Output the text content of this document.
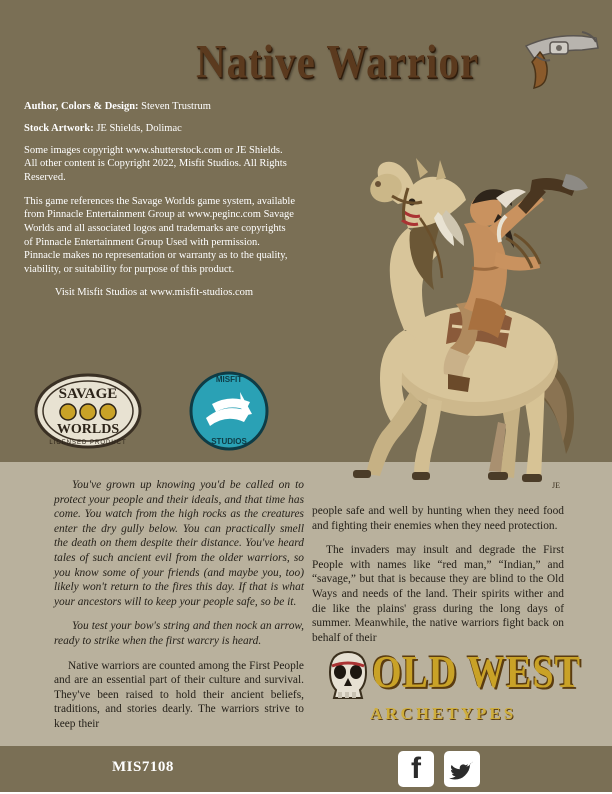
JE
Native Warrior
Author, Colors & Design: Steven Trustrum
Stock Artwork: JE Shields, Dolimac
Some images copyright www.shutterstock.com or JE Shields. All other content is Copyright 2022, Misfit Studios. All Rights Reserved.
This game references the Savage Worlds game system, available from Pinnacle Entertainment Group at www.peginc.com Savage Worlds and all associated logos and trademarks are copyrights of Pinnacle Entertainment Group Used with permission. Pinnacle makes no representation or warranty as to the quality, viability, or suitability for purpose of this product.
Visit Misfit Studios at www.misfit-studios.com
SAVAGE
WORLDS
LICENSED PRODUCT
MISFIT
STUDIOS

You've grown up knowing you'd be called on to protect your people and their ideals, and that time has come. You watch from the high rocks as the creatures enter the dry gully below. You can practically smell the death on them despite their distance. You've heard tales of such ancient evil from the older warriors, so you know some of your friends (and maybe you, too) likely won't return to the fires this day. If that is what your ancestors will to keep your people safe, so be it.

You test your bow's string and then nock an arrow, ready to strike when the first warcry is heard.

Native warriors are counted among the First People and are an essential part of their culture and survival. They've been raised to hold their ancient beliefs, traditions, and stories dearly. The warriors strive to keep their

people safe and well by hunting when they need food and fighting their enemies when they need protection.

The invaders may insult and degrade the First People with names like “red man,” “Indian,” and “savage,” but that is because they are blind to the Old Ways and needs of the land. Their spirits wither and die like the plains' grass during the long days of summer. Meanwhile, the native warriors fight back on behalf of their

OLD WEST
ARCHETYPES
MIS7108	f
